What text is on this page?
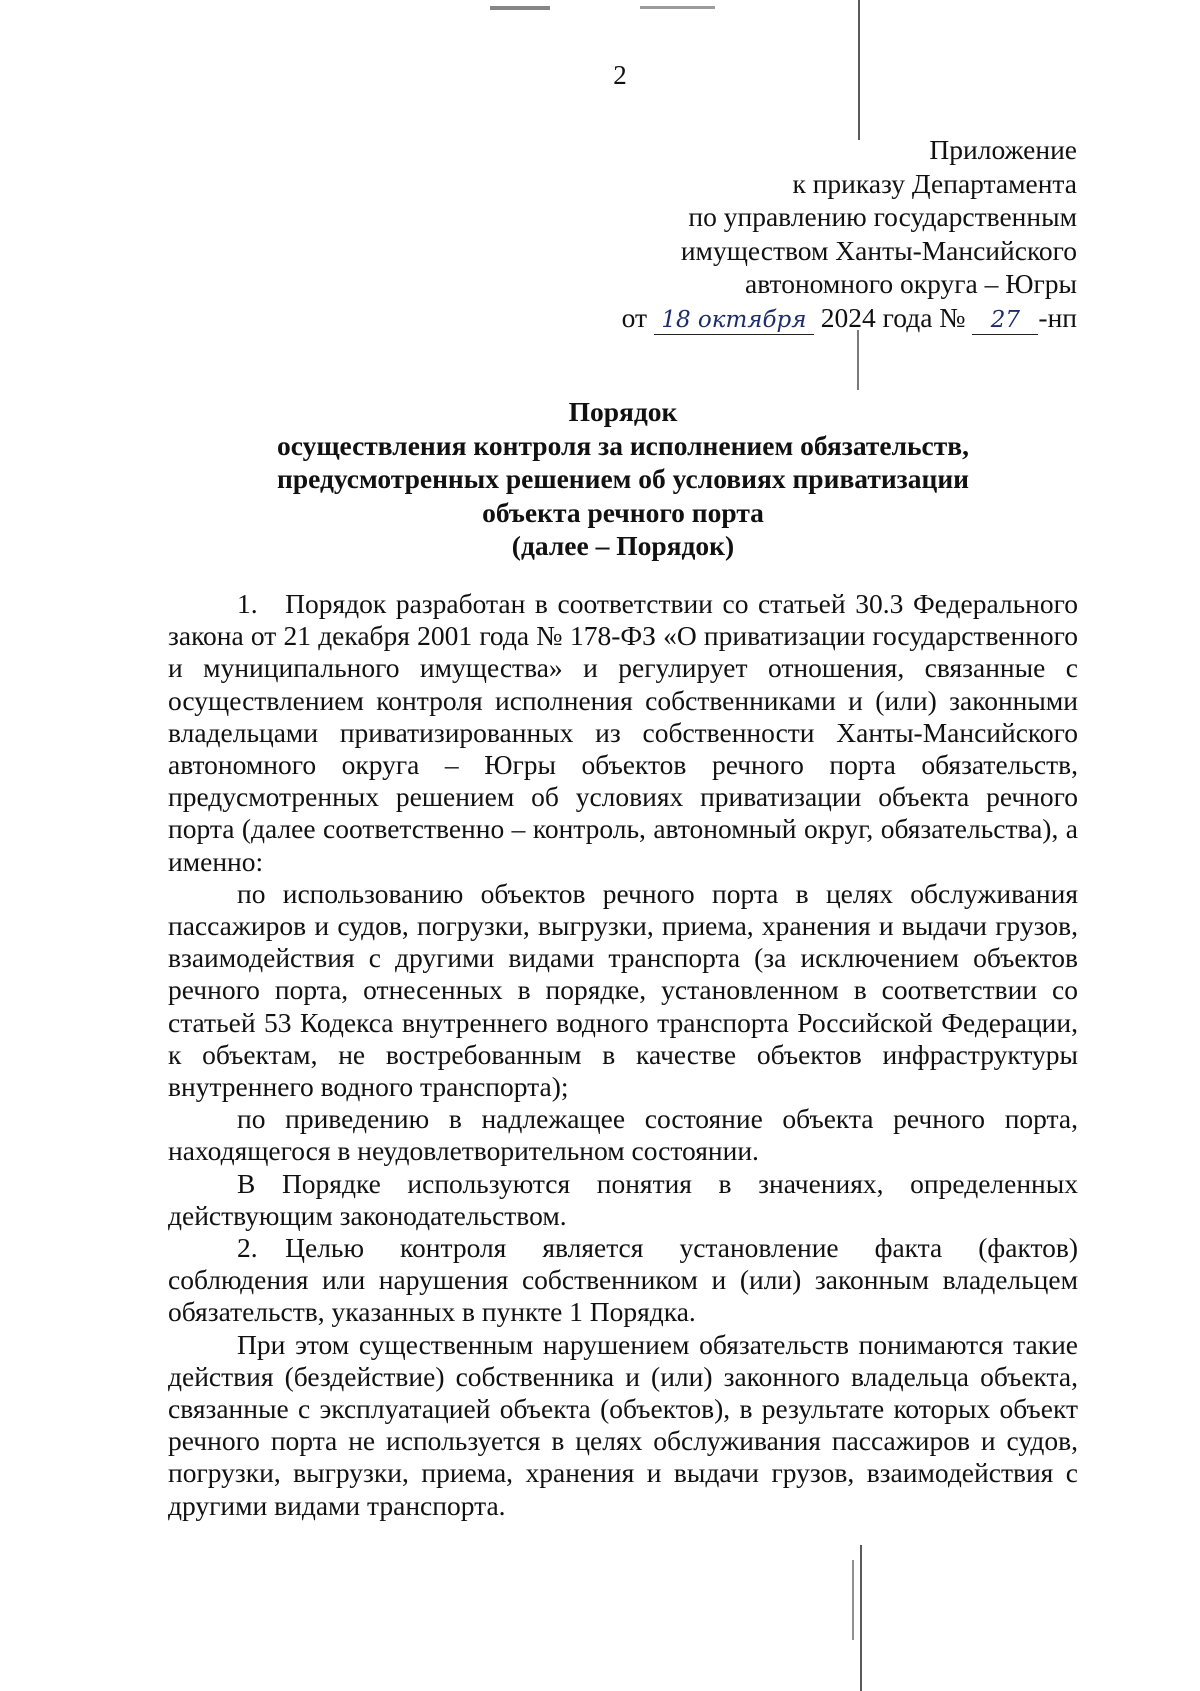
2
Приложение
к приказу Департамента
по управлению государственным
имуществом Ханты-Мансийского
автономного округа – Югры
от 18 октября 2024 года № 27 -нп
Порядок
осуществления контроля за исполнением обязательств,
предусмотренных решением об условиях приватизации
объекта речного порта
(далее – Порядок)

1. Порядок разработан в соответствии со статьей 30.3 Федерального закона от 21 декабря 2001 года № 178-ФЗ «О приватизации государственного и муниципального имущества» и регулирует отношения, связанные с осуществлением контроля исполнения собственниками и (или) законными владельцами приватизированных из собственности Ханты-Мансийского автономного округа – Югры объектов речного порта обязательств, предусмотренных решением об условиях приватизации объекта речного порта (далее соответственно – контроль, автономный округ, обязательства), а именно:

по использованию объектов речного порта в целях обслуживания пассажиров и судов, погрузки, выгрузки, приема, хранения и выдачи грузов, взаимодействия с другими видами транспорта (за исключением объектов речного порта, отнесенных в порядке, установленном в соответствии со статьей 53 Кодекса внутреннего водного транспорта Российской Федерации, к объектам, не востребованным в качестве объектов инфраструктуры внутреннего водного транспорта);

по приведению в надлежащее состояние объекта речного порта, находящегося в неудовлетворительном состоянии.

В Порядке используются понятия в значениях, определенных действующим законодательством.

2. Целью контроля является установление факта (фактов) соблюдения или нарушения собственником и (или) законным владельцем обязательств, указанных в пункте 1 Порядка.

При этом существенным нарушением обязательств понимаются такие действия (бездействие) собственника и (или) законного владельца объекта, связанные с эксплуатацией объекта (объектов), в результате которых объект речного порта не используется в целях обслуживания пассажиров и судов, погрузки, выгрузки, приема, хранения и выдачи грузов, взаимодействия с другими видами транспорта.
